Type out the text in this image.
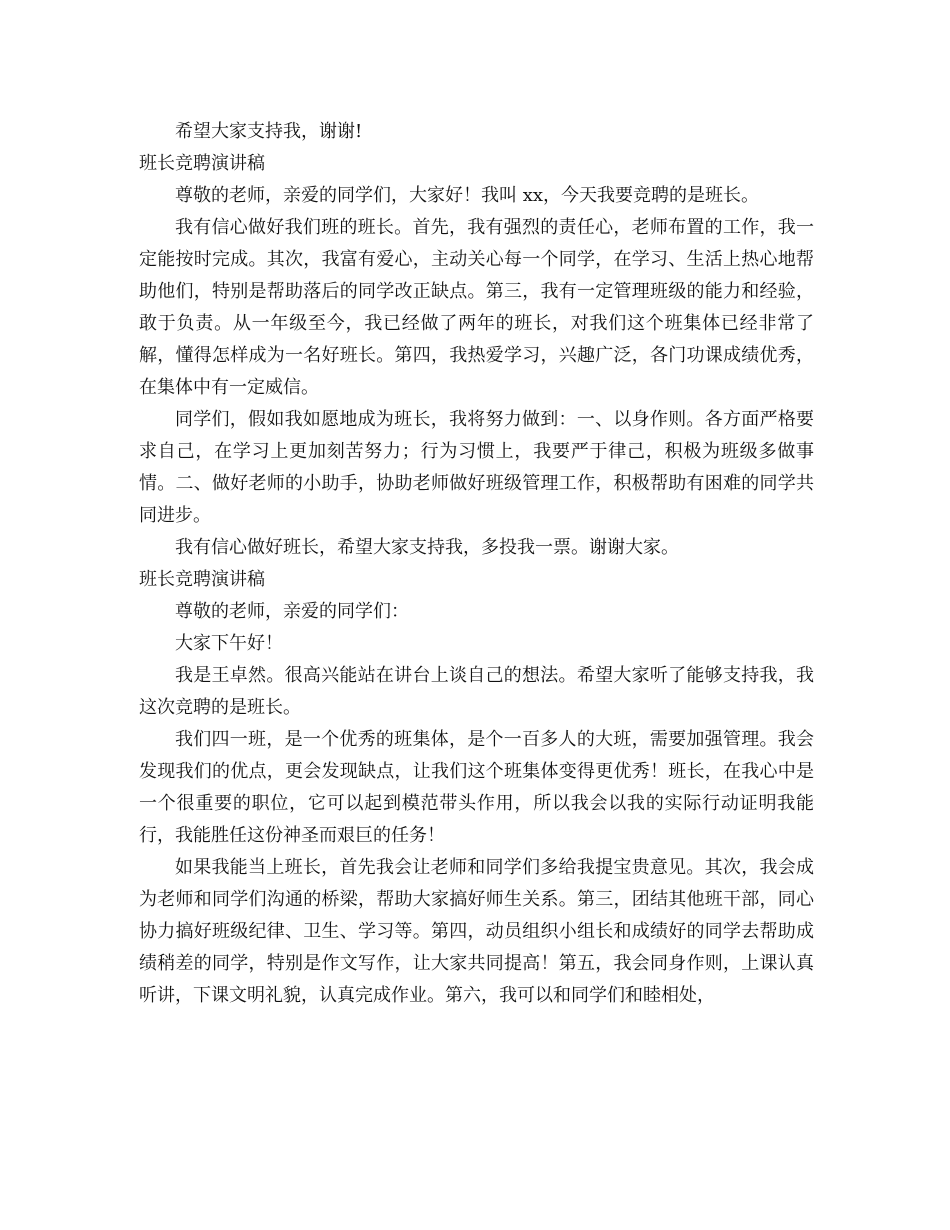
希望大家支持我，谢谢!

班长竞聘演讲稿

尊敬的老师，亲爱的同学们，大家好！我叫 xx，今天我要竞聘的是班长。

我有信心做好我们班的班长。首先，我有强烈的责任心，老师布置的工作，我一定能按时完成。其次，我富有爱心，主动关心每一个同学，在学习、生活上热心地帮助他们，特别是帮助落后的同学改正缺点。第三，我有一定管理班级的能力和经验，敢于负责。从一年级至今，我已经做了两年的班长，对我们这个班集体已经非常了解，懂得怎样成为一名好班长。第四，我热爱学习，兴趣广泛，各门功课成绩优秀，在集体中有一定威信。

同学们，假如我如愿地成为班长，我将努力做到：一、以身作则。各方面严格要求自己，在学习上更加刻苦努力；行为习惯上，我要严于律己，积极为班级多做事情。二、做好老师的小助手，协助老师做好班级管理工作，积极帮助有困难的同学共同进步。

我有信心做好班长，希望大家支持我，多投我一票。谢谢大家。

班长竞聘演讲稿

尊敬的老师，亲爱的同学们：

大家下午好！

我是王卓然。很高兴能站在讲台上谈自己的想法。希望大家听了能够支持我，我这次竞聘的是班长。

我们四一班，是一个优秀的班集体，是个一百多人的大班，需要加强管理。我会发现我们的优点，更会发现缺点，让我们这个班集体变得更优秀！班长，在我心中是一个很重要的职位，它可以起到模范带头作用，所以我会以我的实际行动证明我能行，我能胜任这份神圣而艰巨的任务！

如果我能当上班长，首先我会让老师和同学们多给我提宝贵意见。其次，我会成为老师和同学们沟通的桥梁，帮助大家搞好师生关系。第三，团结其他班干部，同心协力搞好班级纪律、卫生、学习等。第四，动员组织小组长和成绩好的同学去帮助成绩稍差的同学，特别是作文写作，让大家共同提高！第五，我会同身作则，上课认真听讲，下课文明礼貌，认真完成作业。第六，我可以和同学们和睦相处，
